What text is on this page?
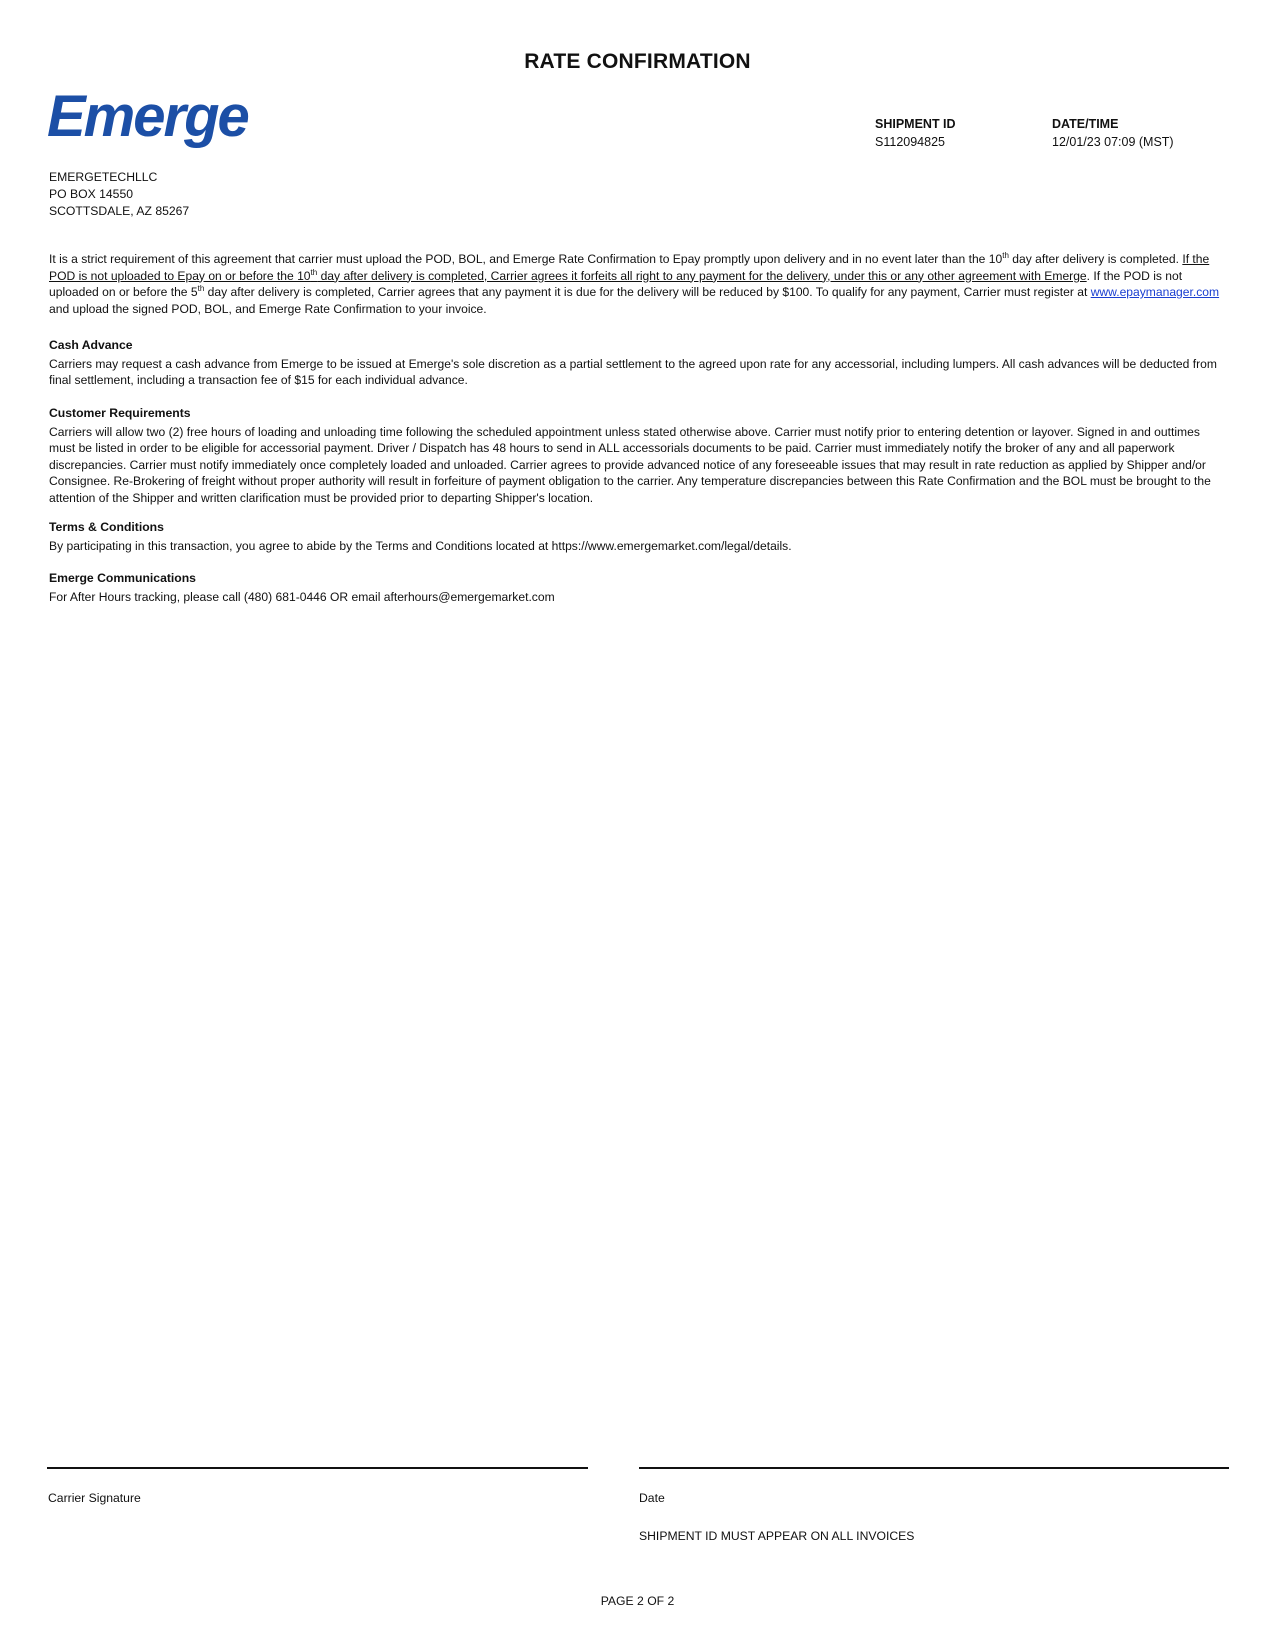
RATE CONFIRMATION
Emerge	SHIPMENT ID
S112094825
DATE/TIME
12/01/23 07:09 (MST)
EMERGETECHLLC
PO BOX 14550
SCOTTSDALE, AZ 85267
It is a strict requirement of this agreement that carrier must upload the POD, BOL, and Emerge Rate Confirmation to Epay promptly upon delivery and in no event later than the 10th day after delivery is completed. If the POD is not uploaded to Epay on or before the 10th day after delivery is completed, Carrier agrees it forfeits all right to any payment for the delivery, under this or any other agreement with Emerge. If the POD is not uploaded on or before the 5th day after delivery is completed, Carrier agrees that any payment it is due for the delivery will be reduced by $100. To qualify for any payment, Carrier must register at www.epaymanager.com and upload the signed POD, BOL, and Emerge Rate Confirmation to your invoice.
Cash Advance
Carriers may request a cash advance from Emerge to be issued at Emerge's sole discretion as a partial settlement to the agreed upon rate for any accessorial, including lumpers. All cash advances will be deducted from final settlement, including a transaction fee of $15 for each individual advance.
Customer Requirements
Carriers will allow two (2) free hours of loading and unloading time following the scheduled appointment unless stated otherwise above. Carrier must notify prior to entering detention or layover. Signed in and outtimes must be listed in order to be eligible for accessorial payment. Driver / Dispatch has 48 hours to send in ALL accessorials documents to be paid. Carrier must immediately notify the broker of any and all paperwork discrepancies. Carrier must notify immediately once completely loaded and unloaded. Carrier agrees to provide advanced notice of any foreseeable issues that may result in rate reduction as applied by Shipper and/or Consignee. Re-Brokering of freight without proper authority will result in forfeiture of payment obligation to the carrier. Any temperature discrepancies between this Rate Confirmation and the BOL must be brought to the attention of the Shipper and written clarification must be provided prior to departing Shipper's location.
Terms & Conditions
By participating in this transaction, you agree to abide by the Terms and Conditions located at https://www.emergemarket.com/legal/details.
Emerge Communications
For After Hours tracking, please call (480) 681-0446 OR email afterhours@emergemarket.com
Carrier Signature	Date
SHIPMENT ID MUST APPEAR ON ALL INVOICES
PAGE 2 OF 2
